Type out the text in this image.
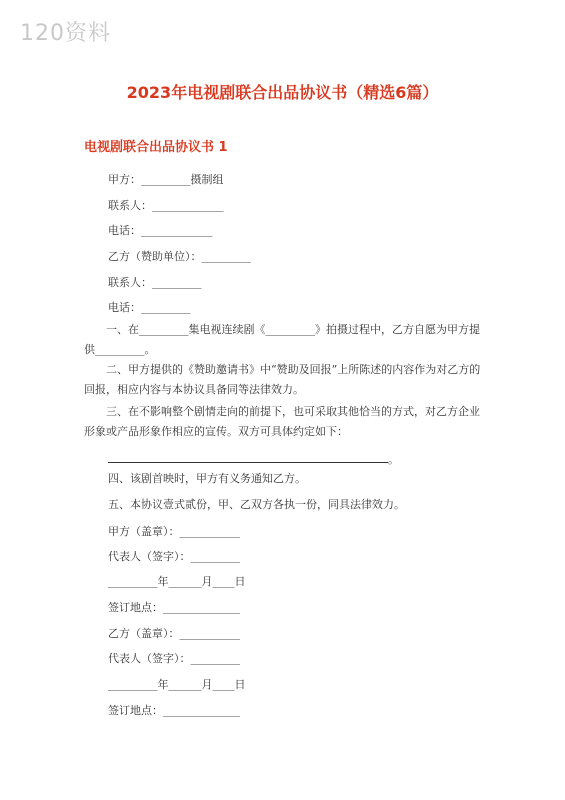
120资料
2023年电视剧联合出品协议书（精选6篇）
电视剧联合出品协议书 1
甲方：_________摄制组
联系人：_____________
电话：_____________
乙方（赞助单位）：_________
联系人：_________
电话：_________
一、在_________集电视连续剧《_________》拍摄过程中，乙方自愿为甲方提供_________。
二、甲方提供的《赞助邀请书》中“赞助及回报”上所陈述的内容作为对乙方的回报，相应内容与本协议具备同等法律效力。
三、在不影响整个剧情走向的前提下，也可采取其他恰当的方式，对乙方企业形象或产品形象作相应的宣传。双方可具体约定如下：
。
四、该剧首映时，甲方有义务通知乙方。
五、本协议壹式贰份，甲、乙双方各执一份，同具法律效力。
甲方（盖章）：___________
代表人（签字）：_________
_________年______月____日
签订地点：______________
乙方（盖章）：___________
代表人（签字）：_________
_________年______月____日
签订地点：______________
